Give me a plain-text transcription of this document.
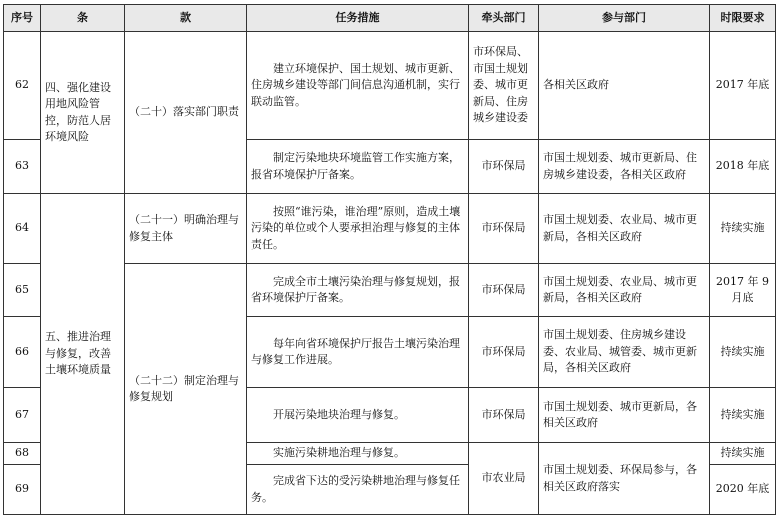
序号	条	款	任务措施	牵头部门	参与部门	时限要求
62	四、强化建设用地风险管控，防范人居环境风险	（二十）落实部门职责	建立环境保护、国土规划、城市更新、住房城乡建设等部门间信息沟通机制，实行联动监管。	市环保局、市国土规划委、城市更新局、住房城乡建设委	各相关区政府	2017 年底
63			制定污染地块环境监管工作实施方案，报省环境保护厅备案。	市环保局	市国土规划委、城市更新局、住房城乡建设委，各相关区政府	2018 年底
64	五、推进治理与修复，改善土壤环境质量	（二十一）明确治理与修复主体	按照“谁污染，谁治理”原则，造成土壤污染的单位或个人要承担治理与修复的主体责任。	市环保局	市国土规划委、农业局、城市更新局，各相关区政府	持续实施
65		（二十二）制定治理与修复规划	完成全市土壤污染治理与修复规划，报省环境保护厅备案。	市环保局	市国土规划委、农业局、城市更新局，各相关区政府	2017 年 9 月底
66			每年向省环境保护厅报告土壤污染治理与修复工作进展。	市环保局	市国土规划委、住房城乡建设委、农业局、城管委、城市更新局，各相关区政府	持续实施
67			开展污染地块治理与修复。	市环保局	市国土规划委、城市更新局，各相关区政府	持续实施
68			实施污染耕地治理与修复。	市农业局	市国土规划委、环保局参与，各相关区政府落实	持续实施
69			完成省下达的受污染耕地治理与修复任务。			2020 年底
